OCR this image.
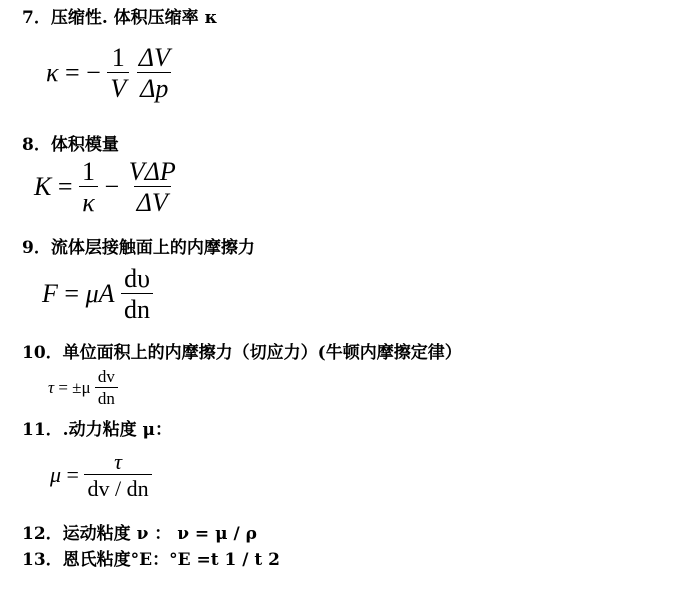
7．压缩性. 体积压缩率 κ
κ = − $\frac{1}{V}$
$\frac{\Delta V}{\Delta p}$
8．体积模量
$K = \frac{1}{\kappa} - \frac{\text{VΔP}}{\Delta V}$
9．流体层接触面上的内摩擦力
F = μA $\frac{d\upsilon}{dn}$
10．单位面积上的内摩擦力（切应力）(牛顿内摩擦定律）
$\tau = \pm\mu \frac{dv}{dn}$
11．.动力粘度 μ：
$\mu = \frac{\tau}{dv / dn}$
12．运动粘度 ν ： ν = μ / ρ
13．恩氏粘度°E：°E =t 1 / t 2
